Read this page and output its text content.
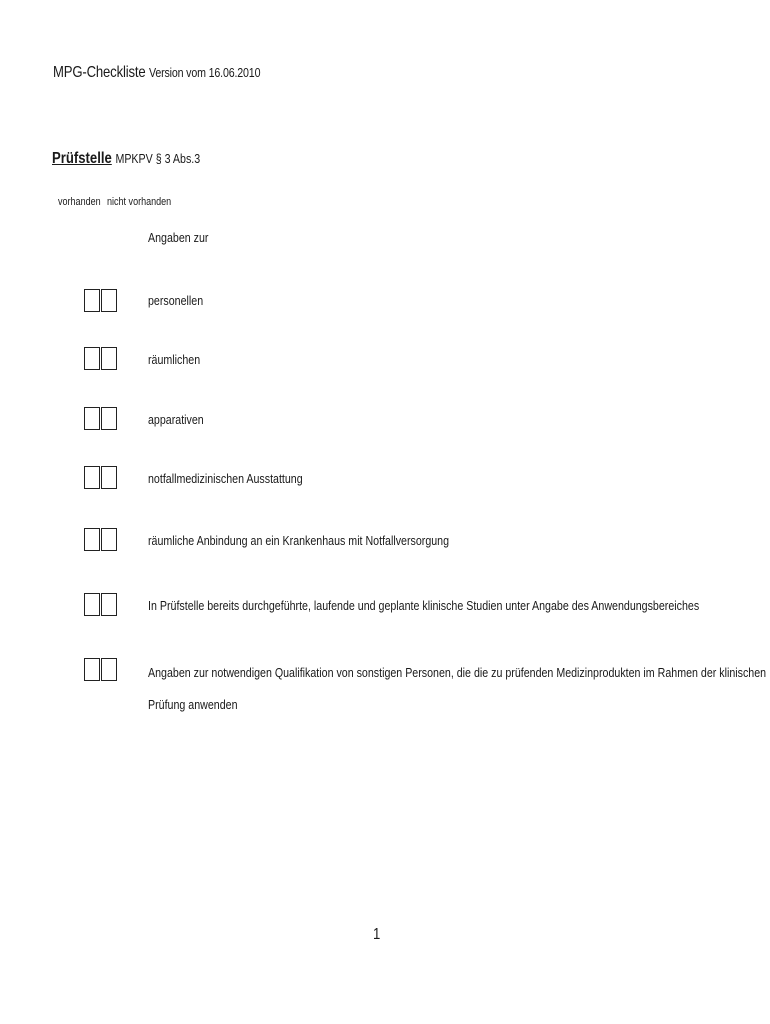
MPG-Checkliste Version vom 16.06.2010
Prüfstelle MPKPV § 3 Abs.3
vorhanden nicht vorhanden
Angaben zur
personellen
räumlichen
apparativen
notfallmedizinischen Ausstattung
räumliche Anbindung an ein Krankenhaus mit Notfallversorgung
In Prüfstelle bereits durchgeführte, laufende und geplante klinische Studien unter Angabe des Anwendungsbereiches
Angaben zur notwendigen Qualifikation von sonstigen Personen, die die zu prüfenden Medizinprodukten im Rahmen der klinischen
Prüfung anwenden
1
